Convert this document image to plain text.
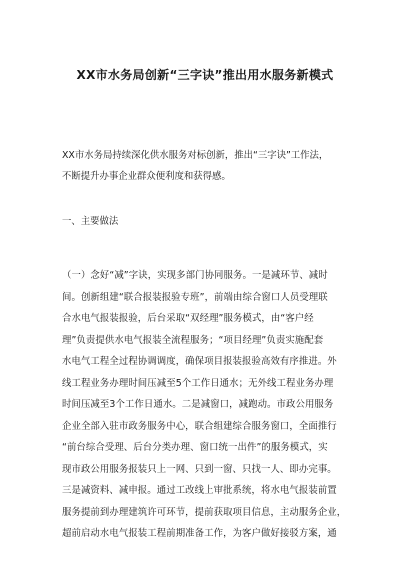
XX市水务局创新“三字诀”推出用水服务新模式
XX市水务局持续深化供水服务对标创新，推出“三字诀”工作法，
不断提升办事企业群众便利度和获得感。
一、主要做法
（一）念好“减”字诀，实现多部门协同服务。一是减环节、减时
间。创新组建“联合报装报验专班”，前端由综合窗口人员受理联
合水电气报装报验，后台采取“双经理”服务模式，由“客户经
理”负责提供水电气报装全流程服务；“项目经理”负责实施配套
水电气工程全过程协调调度，确保项目报装报验高效有序推进。外
线工程业务办理时间压减至5个工作日通水；无外线工程业务办理
时间压减至3个工作日通水。二是减窗口，减跑动。市政公用服务
企业全部入驻市政务服务中心，联合组建综合服务窗口，全面推行
“前台综合受理、后台分类办理、窗口统一出件”的服务模式，实
现市政公用服务报装只上一网、只到一窗、只找一人、即办完事。
三是减资料、减申报。通过工改线上审批系统，将水电气报装前置
服务提前到办理建筑许可环节，提前获取项目信息，主动服务企业，
超前启动水电气报装工程前期准备工作，为客户做好接驳方案，通
